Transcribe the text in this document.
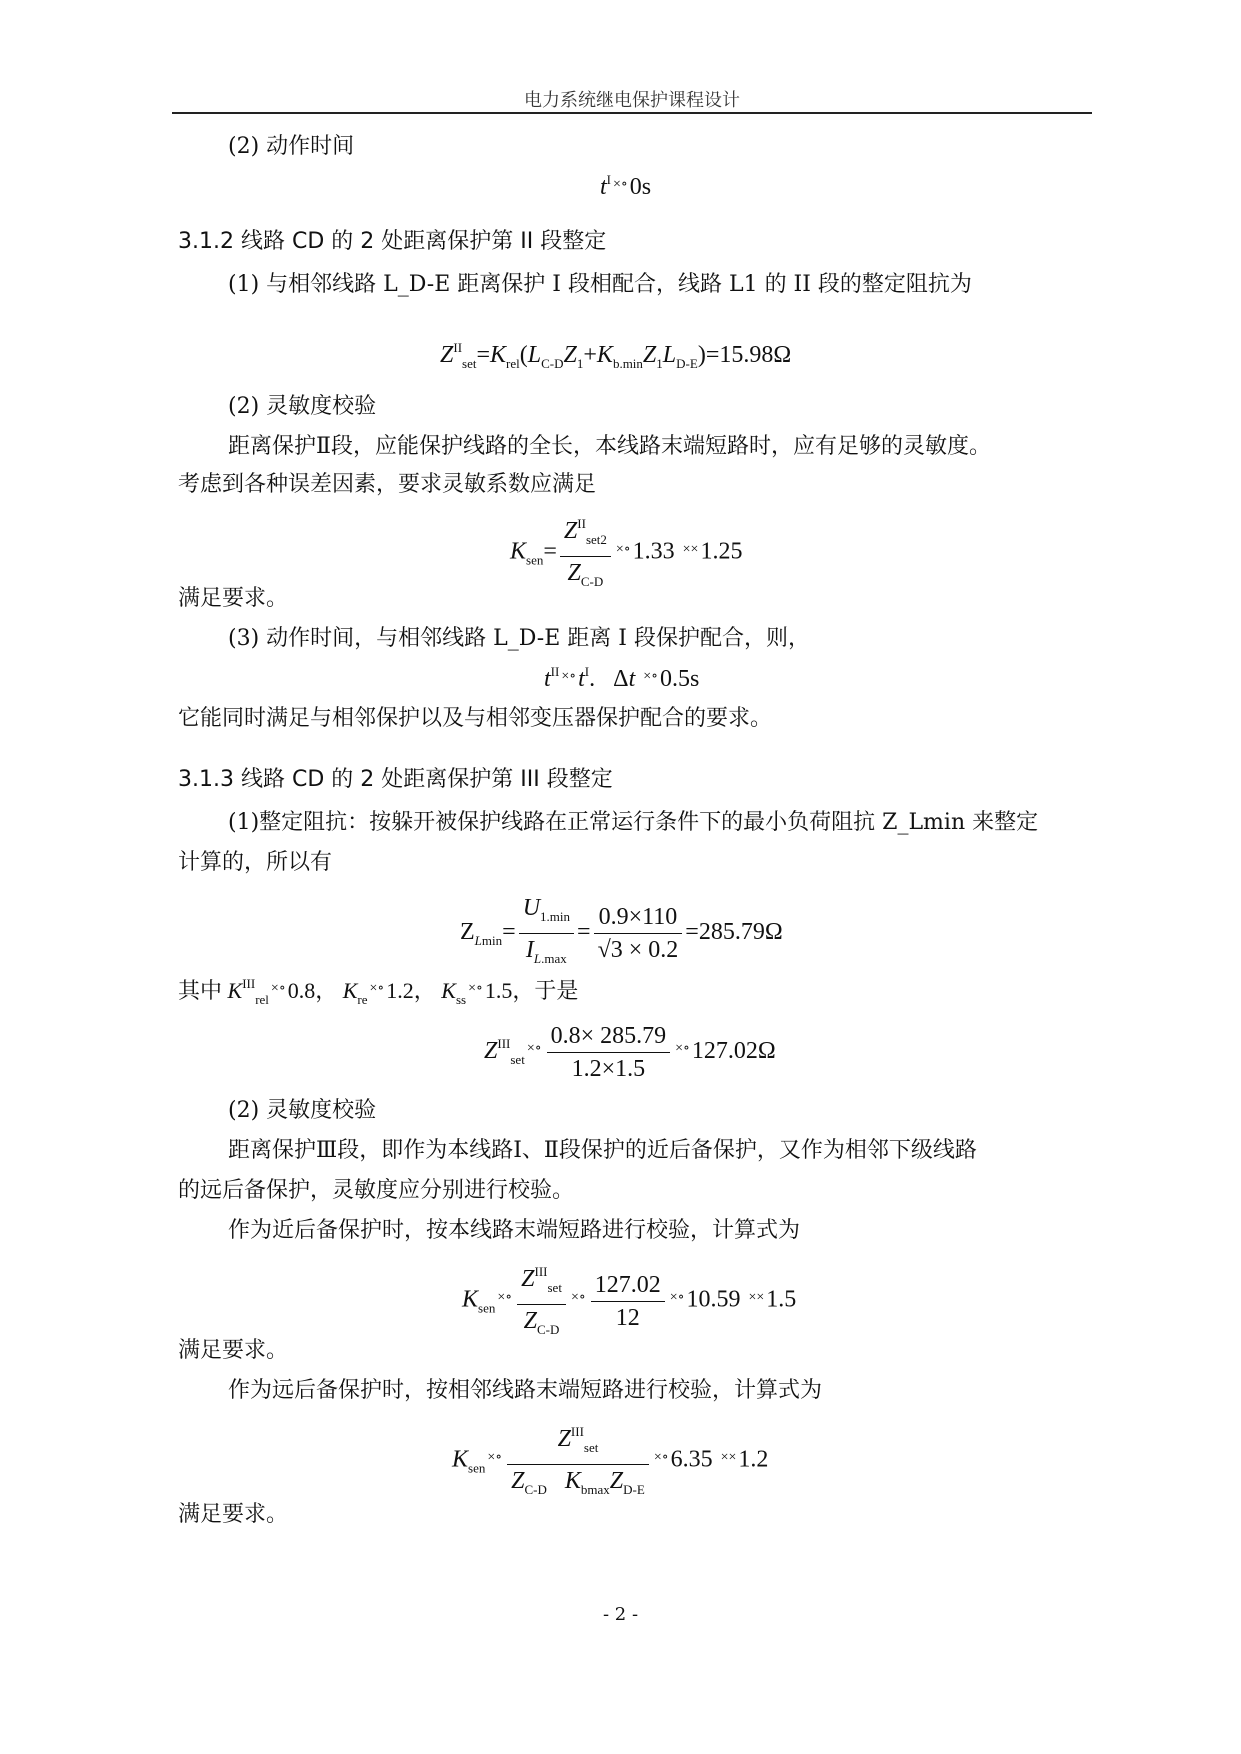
电力系统继电保护课程设计
(2) 动作时间
$t^I$ ×∘0s
3.1.2 线路 CD 的 2 处距离保护第 II 段整定
(1) 与相邻线路 L_D-E 距离保护 I 段相配合，线路 L1 的 II 段的整定阻抗为
$Z^{II}_{set}=K_{rel}(L_{C-D}Z_1+K_{b.min}Z_1L_{D-E})=15.98\Omega$
(2) 灵敏度校验
距离保护Ⅱ段，应能保护线路的全长，本线路末端短路时，应有足够的灵敏度。
考虑到各种误差因素，要求灵敏系数应满足
$K_{sen}= \frac{Z^{II}_{set2}}{Z_{C-D}} ^{\times\circ}1.33$ ××1.25
满足要求。
(3) 动作时间，与相邻线路 L_D-E 距离 I 段保护配合，则，
$t^{II}$ $^{\times\circ}t^I$.   Δt ×∘0.5s
它能同时满足与相邻保护以及与相邻变压器保护配合的要求。
3.1.3 线路 CD 的 2 处距离保护第 III 段整定
(1)整定阻抗：按躲开被保护线路在正常运行条件下的最小负荷阻抗 Z_Lmin 来整定
计算的，所以有
$Z_{Lmin}= \frac{U_{1.min}}{I_{L.max}} = \frac{0.9\times 110}{√3 \times 0.2} =285.79\Omega$
其中 $K^{III}_{rel}^{\times\circ}0.8$， $K_{re}^{\times\circ}1.2$， $K_{ss}^{\times\circ}1.5$，于是
$Z^{III}_{set}^{\times\circ} \frac{0.8\times 285.79}{1.2\times 1.5} ^{\times\circ}127.02\Omega$
(2) 灵敏度校验
距离保护Ⅲ段，即作为本线路Ⅰ、Ⅱ段保护的近后备保护，又作为相邻下级线路
的远后备保护，灵敏度应分别进行校验。
作为近后备保护时，按本线路末端短路进行校验，计算式为
$K_{sen}^{\times\circ} \frac{Z^{III}_{set}}{Z_{C-D}} ^{\times\circ} \frac{127.02}{12} ^{\times\circ}10.59$ ××1.5
满足要求。
作为远后备保护时，按相邻线路末端短路进行校验，计算式为
$K_{sen}^{\times\circ} \frac{Z^{III}_{set}}{Z_{C-D} K_{bmax}Z_{D-E}} ^{\times\circ}6.35$ ××1.2
满足要求。
- 2 -
